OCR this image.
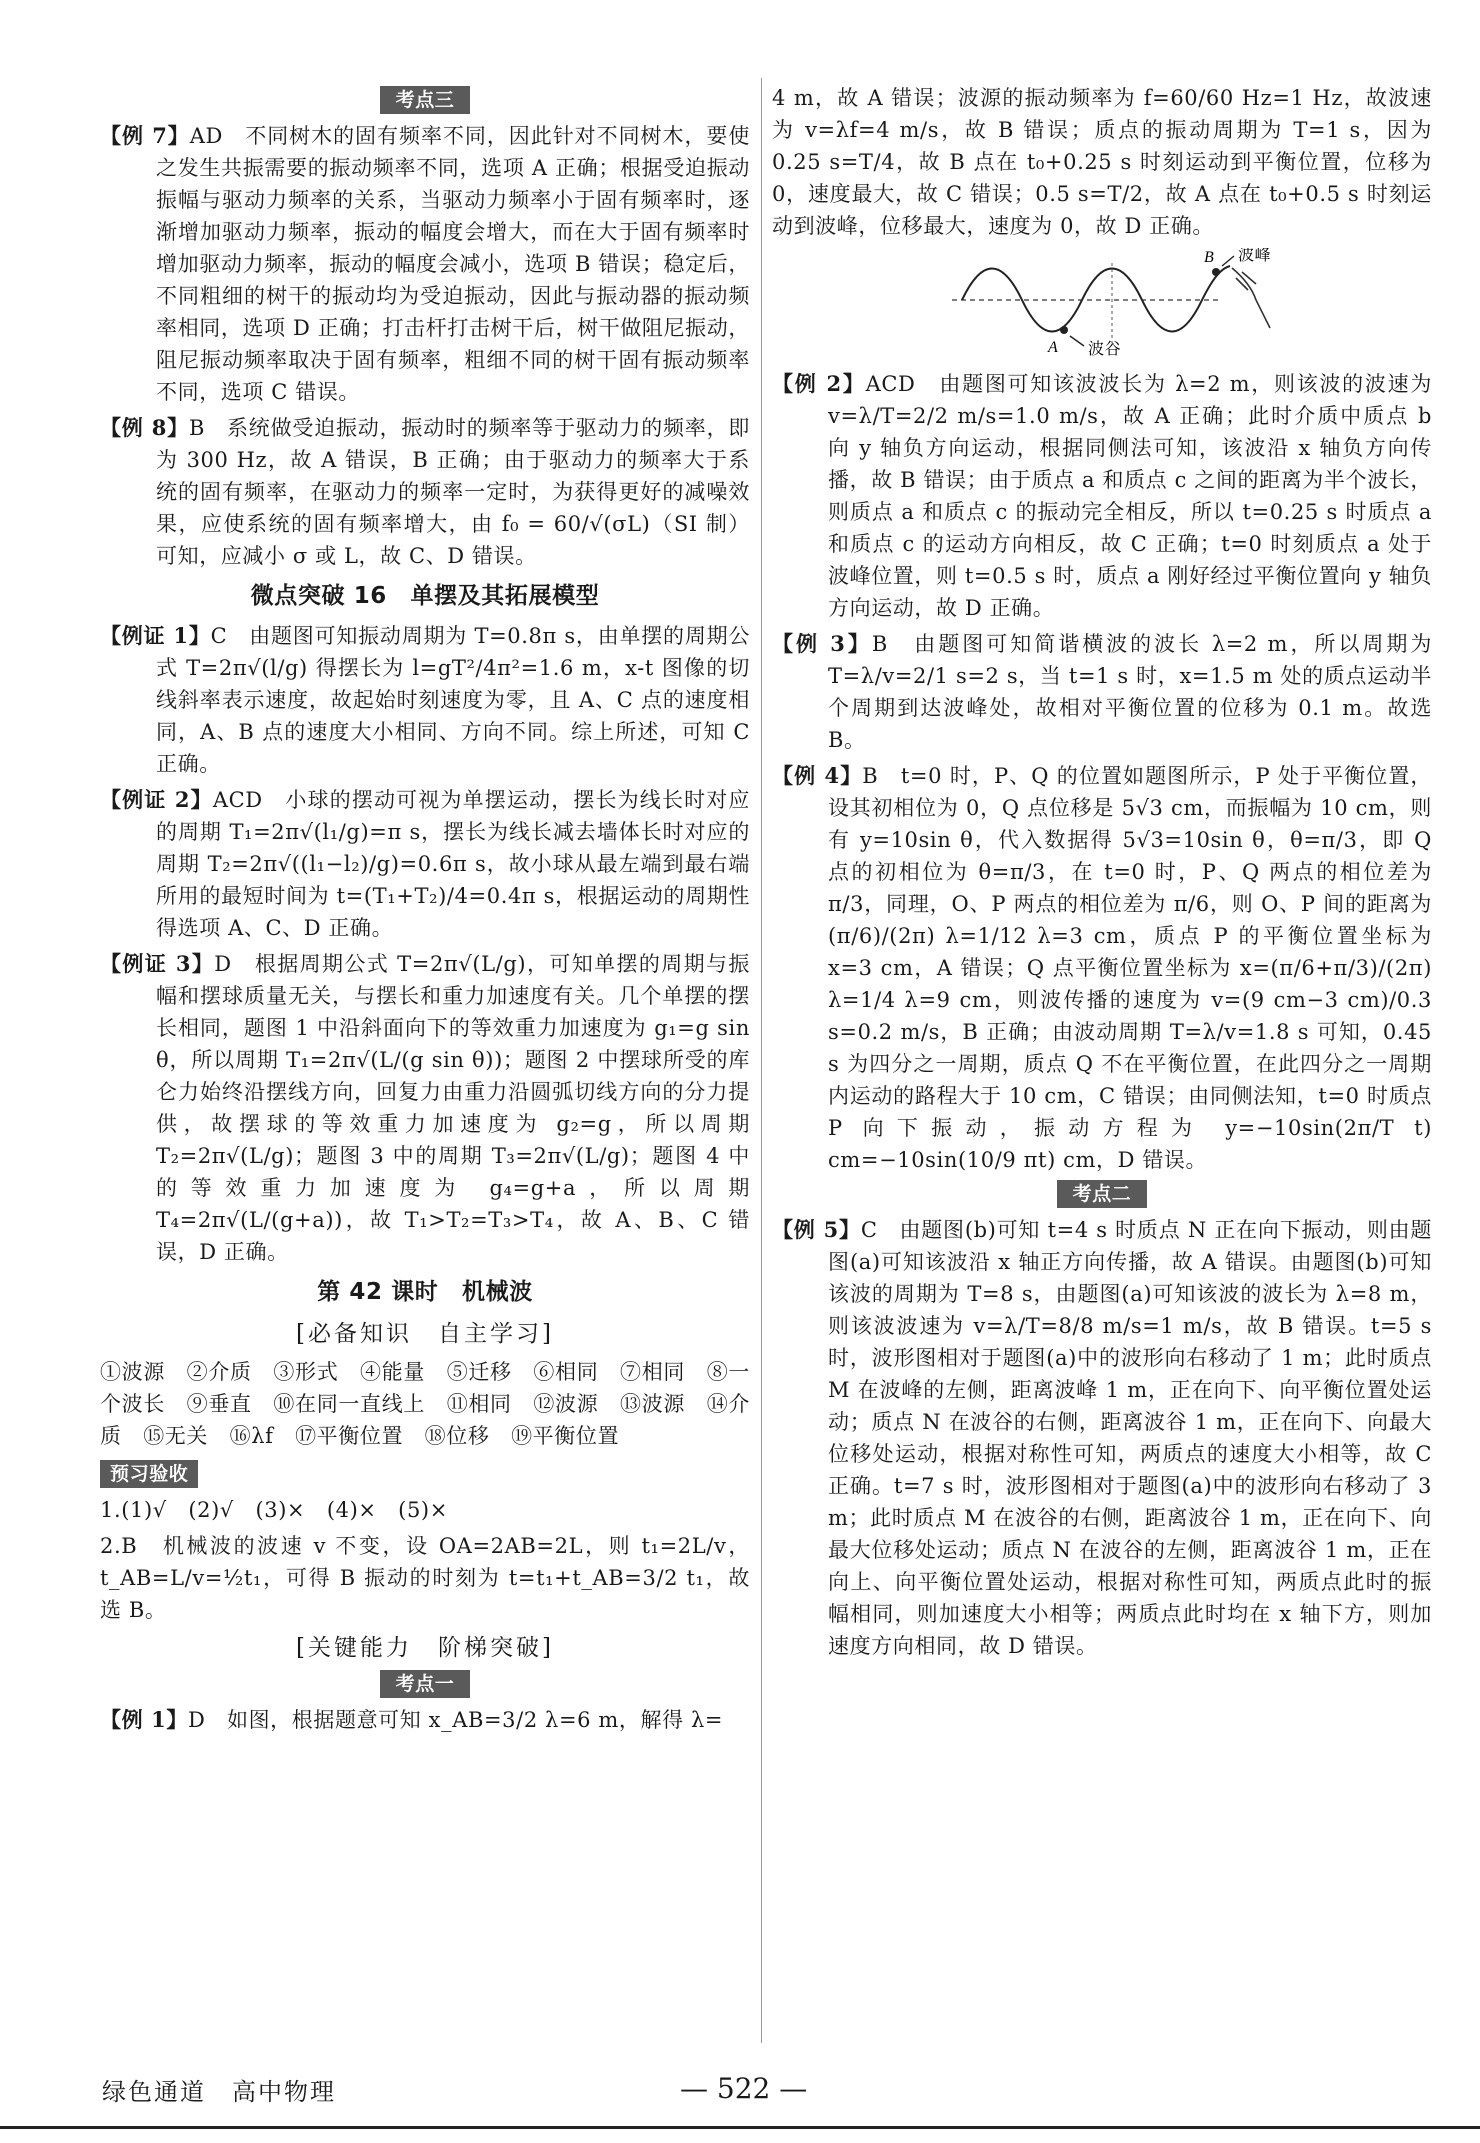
考点三

【例 7】AD　不同树木的固有频率不同，因此针对不同树木，要使之发生共振需要的振动频率不同，选项 A 正确；根据受迫振动振幅与驱动力频率的关系，当驱动力频率小于固有频率时，逐渐增加驱动力频率，振动的幅度会增大，而在大于固有频率时增加驱动力频率，振动的幅度会减小，选项 B 错误；稳定后，不同粗细的树干的振动均为受迫振动，因此与振动器的振动频率相同，选项 D 正确；打击杆打击树干后，树干做阻尼振动，阻尼振动频率取决于固有频率，粗细不同的树干固有振动频率不同，选项 C 错误。

【例 8】B　系统做受迫振动，振动时的频率等于驱动力的频率，即为 300 Hz，故 A 错误，B 正确；由于驱动力的频率大于系统的固有频率，在驱动力的频率一定时，为获得更好的减噪效果，应使系统的固有频率增大，由 f₀ = 60/√(σL)（SI 制）可知，应减小 σ 或 L，故 C、D 错误。

微点突破 16　单摆及其拓展模型

【例证 1】C　由题图可知振动周期为 T=0.8π s，由单摆的周期公式 T=2π√(l/g) 得摆长为 l=gT²/4π²=1.6 m，x-t 图像的切线斜率表示速度，故起始时刻速度为零，且 A、C 点的速度相同，A、B 点的速度大小相同、方向不同。综上所述，可知 C 正确。

【例证 2】ACD　小球的摆动可视为单摆运动，摆长为线长时对应的周期 T₁=2π√(l₁/g)=π s，摆长为线长减去墙体长时对应的周期 T₂=2π√((l₁−l₂)/g)=0.6π s，故小球从最左端到最右端所用的最短时间为 t=(T₁+T₂)/4=0.4π s，根据运动的周期性得选项 A、C、D 正确。

【例证 3】D　根据周期公式 T=2π√(L/g)，可知单摆的周期与振幅和摆球质量无关，与摆长和重力加速度有关。几个单摆的摆长相同，题图 1 中沿斜面向下的等效重力加速度为 g₁=g sin θ，所以周期 T₁=2π√(L/(g sin θ))；题图 2 中摆球所受的库仑力始终沿摆线方向，回复力由重力沿圆弧切线方向的分力提供，故摆球的等效重力加速度为 g₂=g，所以周期 T₂=2π√(L/g)；题图 3 中的周期 T₃=2π√(L/g)；题图 4 中的等效重力加速度为 g₄=g+a，所以周期 T₄=2π√(L/(g+a))，故 T₁>T₂=T₃>T₄，故 A、B、C 错误，D 正确。

第 42 课时　机械波
[必备知识　自主学习]

①波源　②介质　③形式　④能量　⑤迁移　⑥相同　⑦相同　⑧一个波长　⑨垂直　⑩在同一直线上　⑪相同　⑫波源　⑬波源　⑭介质　⑮无关　⑯λf　⑰平衡位置　⑱位移　⑲平衡位置

预习验收

1.(1)√　(2)√　(3)×　(4)×　(5)×

2.B　机械波的波速 v 不变，设 OA=2AB=2L，则 t₁=2L/v，t_AB=L/v=½t₁，可得 B 振动的时刻为 t=t₁+t_AB=3/2 t₁，故选 B。

[关键能力　阶梯突破]
考点一

【例 1】D　如图，根据题意可知 x_AB=3/2 λ=6 m，解得 λ=

4 m，故 A 错误；波源的振动频率为 f=60/60 Hz=1 Hz，故波速为 v=λf=4 m/s，故 B 错误；质点的振动周期为 T=1 s，因为 0.25 s=T/4，故 B 点在 t₀+0.25 s 时刻运动到平衡位置，位移为 0，速度最大，故 C 错误；0.5 s=T/2，故 A 点在 t₀+0.5 s 时刻运动到波峰，位移最大，速度为 0，故 D 正确。

A
B
波谷
波峰

【例 2】ACD　由题图可知该波波长为 λ=2 m，则该波的波速为 v=λ/T=2/2 m/s=1.0 m/s，故 A 正确；此时介质中质点 b 向 y 轴负方向运动，根据同侧法可知，该波沿 x 轴负方向传播，故 B 错误；由于质点 a 和质点 c 之间的距离为半个波长，则质点 a 和质点 c 的振动完全相反，所以 t=0.25 s 时质点 a 和质点 c 的运动方向相反，故 C 正确；t=0 时刻质点 a 处于波峰位置，则 t=0.5 s 时，质点 a 刚好经过平衡位置向 y 轴负方向运动，故 D 正确。

【例 3】B　由题图可知简谐横波的波长 λ=2 m，所以周期为 T=λ/v=2/1 s=2 s，当 t=1 s 时，x=1.5 m 处的质点运动半个周期到达波峰处，故相对平衡位置的位移为 0.1 m。故选 B。

【例 4】B　t=0 时，P、Q 的位置如题图所示，P 处于平衡位置，设其初相位为 0，Q 点位移是 5√3 cm，而振幅为 10 cm，则有 y=10sin θ，代入数据得 5√3=10sin θ，θ=π/3，即 Q 点的初相位为 θ=π/3，在 t=0 时，P、Q 两点的相位差为 π/3，同理，O、P 两点的相位差为 π/6，则 O、P 间的距离为 (π/6)/(2π) λ=1/12 λ=3 cm，质点 P 的平衡位置坐标为 x=3 cm，A 错误；Q 点平衡位置坐标为 x=(π/6+π/3)/(2π) λ=1/4 λ=9 cm，则波传播的速度为 v=(9 cm−3 cm)/0.3 s=0.2 m/s，B 正确；由波动周期 T=λ/v=1.8 s 可知，0.45 s 为四分之一周期，质点 Q 不在平衡位置，在此四分之一周期内运动的路程大于 10 cm，C 错误；由同侧法知，t=0 时质点 P 向下振动，振动方程为 y=−10sin(2π/T t) cm=−10sin(10/9 πt) cm，D 错误。

考点二

【例 5】C　由题图(b)可知 t=4 s 时质点 N 正在向下振动，则由题图(a)可知该波沿 x 轴正方向传播，故 A 错误。由题图(b)可知该波的周期为 T=8 s，由题图(a)可知该波的波长为 λ=8 m，则该波波速为 v=λ/T=8/8 m/s=1 m/s，故 B 错误。t=5 s 时，波形图相对于题图(a)中的波形向右移动了 1 m；此时质点 M 在波峰的左侧，距离波峰 1 m，正在向下、向平衡位置处运动；质点 N 在波谷的右侧，距离波谷 1 m，正在向下、向最大位移处运动，根据对称性可知，两质点的速度大小相等，故 C 正确。t=7 s 时，波形图相对于题图(a)中的波形向右移动了 3 m；此时质点 M 在波谷的右侧，距离波谷 1 m，正在向下、向最大位移处运动；质点 N 在波谷的左侧，距离波谷 1 m，正在向上、向平衡位置处运动，根据对称性可知，两质点此时的振幅相同，则加速度大小相等；两质点此时均在 x 轴下方，则加速度方向相同，故 D 错误。

绿色通道　高中物理	— 522 —
